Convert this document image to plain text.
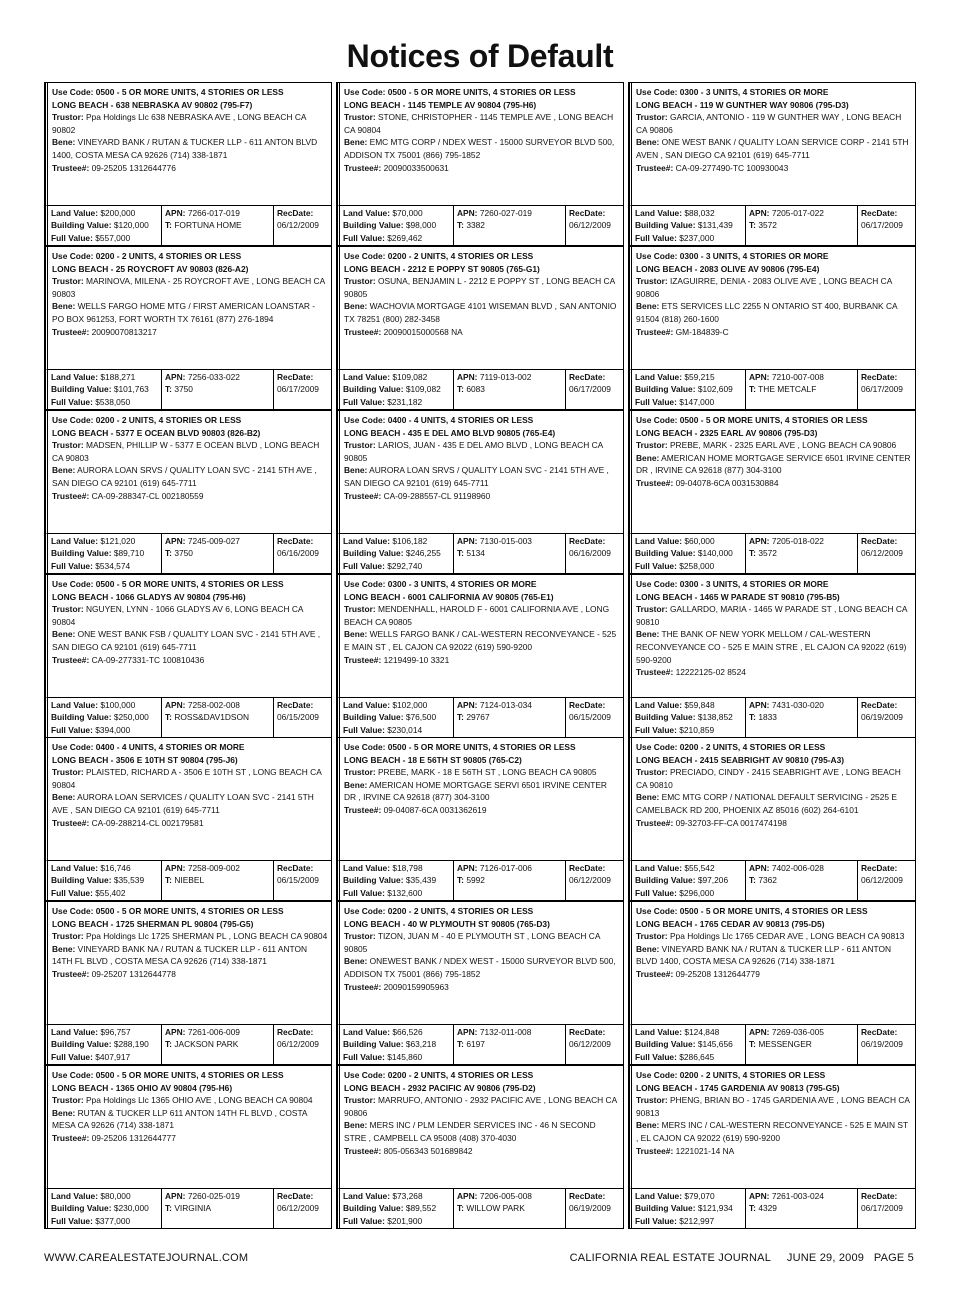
Notices of Default
Use Code: 0500 - 5 OR MORE UNITS, 4 STORIES OR LESS
LONG BEACH - 638 NEBRASKA AV 90802 (795-F7)
Trustor: Ppa Holdings Llc 638 NEBRASKA AVE , LONG BEACH CA 90802
Bene: VINEYARD BANK / RUTAN & TUCKER LLP - 611 ANTON BLVD 1400, COSTA MESA CA 92626 (714) 338-1871
Trustee#: 09-25205 1312644776
Land Value: $200,000
Building Value: $120,000
Full Value: $557,000
APN: 7266-017-019
T: FORTUNA HOME
RecDate:
06/12/2009
Use Code: 0500 - 5 OR MORE UNITS, 4 STORIES OR LESS
LONG BEACH - 1145 TEMPLE AV 90804 (795-H6)
Trustor: STONE, CHRISTOPHER - 1145 TEMPLE AVE , LONG BEACH CA 90804
Bene: EMC MTG CORP / NDEX WEST - 15000 SURVEYOR BLVD 500, ADDISON TX 75001 (866) 795-1852
Trustee#: 20090033500631
Land Value: $70,000
Building Value: $98,000
Full Value: $269,462
APN: 7260-027-019
T: 3382
RecDate:
06/12/2009
Use Code: 0300 - 3 UNITS, 4 STORIES OR MORE
LONG BEACH - 119 W GUNTHER WAY 90806 (795-D3)
Trustor: GARCIA, ANTONIO - 119 W GUNTHER WAY , LONG BEACH CA 90806
Bene: ONE WEST BANK / QUALITY LOAN SERVICE CORP - 2141 5TH AVEN , SAN DIEGO CA 92101 (619) 645-7711
Trustee#: CA-09-277490-TC 100930043
Land Value: $88,032
Building Value: $131,439
Full Value: $237,000
APN: 7205-017-022
T: 3572
RecDate:
06/17/2009
Use Code: 0200 - 2 UNITS, 4 STORIES OR LESS
LONG BEACH - 25 ROYCROFT AV 90803 (826-A2)
Trustor: MARINOVA, MILENA - 25 ROYCROFT AVE , LONG BEACH CA 90803
Bene: WELLS FARGO HOME MTG / FIRST AMERICAN LOANSTAR - PO BOX 961253, FORT WORTH TX 76161 (877) 276-1894
Trustee#: 20090070813217
Land Value: $188,271
Building Value: $101,763
Full Value: $538,050
APN: 7256-033-022
T: 3750
RecDate:
06/17/2009
Use Code: 0200 - 2 UNITS, 4 STORIES OR LESS
LONG BEACH - 2212 E POPPY ST 90805 (765-G1)
Trustor: OSUNA, BENJAMIN L - 2212 E POPPY ST , LONG BEACH CA 90805
Bene: WACHOVIA MORTGAGE 4101 WISEMAN BLVD , SAN ANTONIO TX 78251 (800) 282-3458
Trustee#: 20090015000568 NA
Land Value: $109,082
Building Value: $109,082
Full Value: $231,182
APN: 7119-013-002
T: 6083
RecDate:
06/17/2009
Use Code: 0300 - 3 UNITS, 4 STORIES OR MORE
LONG BEACH - 2083 OLIVE AV 90806 (795-E4)
Trustor: IZAGUIRRE, DENIA - 2083 OLIVE AVE , LONG BEACH CA 90806
Bene: ETS SERVICES LLC 2255 N ONTARIO ST 400, BURBANK CA 91504 (818) 260-1600
Trustee#: GM-184839-C
Land Value: $59,215
Building Value: $102,609
Full Value: $147,000
APN: 7210-007-008
T: THE METCALF
RecDate:
06/17/2009
Use Code: 0200 - 2 UNITS, 4 STORIES OR LESS
LONG BEACH - 5377 E OCEAN BLVD 90803 (826-B2)
Trustor: MADSEN, PHILLIP W - 5377 E OCEAN BLVD , LONG BEACH CA 90803
Bene: AURORA LOAN SRVS / QUALITY LOAN SVC - 2141 5TH AVE , SAN DIEGO CA 92101 (619) 645-7711
Trustee#: CA-09-288347-CL 002180559
Land Value: $121,020
Building Value: $89,710
Full Value: $534,574
APN: 7245-009-027
T: 3750
RecDate:
06/16/2009
Use Code: 0400 - 4 UNITS, 4 STORIES OR LESS
LONG BEACH - 435 E DEL AMO BLVD 90805 (765-E4)
Trustor: LARIOS, JUAN - 435 E DEL AMO BLVD , LONG BEACH CA 90805
Bene: AURORA LOAN SRVS / QUALITY LOAN SVC - 2141 5TH AVE , SAN DIEGO CA 92101 (619) 645-7711
Trustee#: CA-09-288557-CL 91198960
Land Value: $106,182
Building Value: $246,255
Full Value: $292,740
APN: 7130-015-003
T: 5134
RecDate:
06/16/2009
Use Code: 0500 - 5 OR MORE UNITS, 4 STORIES OR LESS
LONG BEACH - 2325 EARL AV 90806 (795-D3)
Trustor: PREBE, MARK - 2325 EARL AVE , LONG BEACH CA 90806
Bene: AMERICAN HOME MORTGAGE SERVICE 6501 IRVINE CENTER DR , IRVINE CA 92618 (877) 304-3100
Trustee#: 09-04078-6CA 0031530884
Land Value: $60,000
Building Value: $140,000
Full Value: $258,000
APN: 7205-018-022
T: 3572
RecDate:
06/12/2009
Use Code: 0500 - 5 OR MORE UNITS, 4 STORIES OR LESS
LONG BEACH - 1066 GLADYS AV 90804 (795-H6)
Trustor: NGUYEN, LYNN - 1066 GLADYS AV 6, LONG BEACH CA 90804
Bene: ONE WEST BANK FSB / QUALITY LOAN SVC - 2141 5TH AVE , SAN DIEGO CA 92101 (619) 645-7711
Trustee#: CA-09-277331-TC 100810436
Land Value: $100,000
Building Value: $250,000
Full Value: $394,000
APN: 7258-002-008
T: ROSS&DAV1DSON
RecDate:
06/15/2009
Use Code: 0300 - 3 UNITS, 4 STORIES OR MORE
LONG BEACH - 6001 CALIFORNIA AV 90805 (765-E1)
Trustor: MENDENHALL, HAROLD F - 6001 CALIFORNIA AVE , LONG BEACH CA 90805
Bene: WELLS FARGO BANK / CAL-WESTERN RECONVEYANCE - 525 E MAIN ST , EL CAJON CA 92022 (619) 590-9200
Trustee#: 1219499-10 3321
Land Value: $102,000
Building Value: $76,500
Full Value: $230,014
APN: 7124-013-034
T: 29767
RecDate:
06/15/2009
Use Code: 0300 - 3 UNITS, 4 STORIES OR MORE
LONG BEACH - 1465 W PARADE ST 90810 (795-B5)
Trustor: GALLARDO, MARIA - 1465 W PARADE ST , LONG BEACH CA 90810
Bene: THE BANK OF NEW YORK MELLOM / CAL-WESTERN RECONVEYANCE CO - 525 E MAIN STRE , EL CAJON CA 92022 (619) 590-9200
Trustee#: 12222125-02 8524
Land Value: $59,848
Building Value: $138,852
Full Value: $210,859
APN: 7431-030-020
T: 1833
RecDate:
06/19/2009
Use Code: 0400 - 4 UNITS, 4 STORIES OR MORE
LONG BEACH - 3506 E 10TH ST 90804 (795-J6)
Trustor: PLAISTED, RICHARD A - 3506 E 10TH ST , LONG BEACH CA 90804
Bene: AURORA LOAN SERVICES / QUALITY LOAN SVC - 2141 5TH AVE , SAN DIEGO CA 92101 (619) 645-7711
Trustee#: CA-09-288214-CL 002179581
Land Value: $16,746
Building Value: $35,539
Full Value: $55,402
APN: 7258-009-002
T: NIEBEL
RecDate:
06/15/2009
Use Code: 0500 - 5 OR MORE UNITS, 4 STORIES OR LESS
LONG BEACH - 18 E 56TH ST 90805 (765-C2)
Trustor: PREBE, MARK - 18 E 56TH ST , LONG BEACH CA 90805
Bene: AMERICAN HOME MORTGAGE SERVI 6501 IRVINE CENTER DR , IRVINE CA 92618 (877) 304-3100
Trustee#: 09-04087-6CA 0031362619
Land Value: $18,798
Building Value: $35,439
Full Value: $132,600
APN: 7126-017-006
T: 5992
RecDate:
06/12/2009
Use Code: 0200 - 2 UNITS, 4 STORIES OR LESS
LONG BEACH - 2415 SEABRIGHT AV 90810 (795-A3)
Trustor: PRECIADO, CINDY - 2415 SEABRIGHT AVE , LONG BEACH CA 90810
Bene: EMC MTG CORP / NATIONAL DEFAULT SERVICING - 2525 E CAMELBACK RD 200, PHOENIX AZ 85016 (602) 264-6101
Trustee#: 09-32703-FF-CA 0017474198
Land Value: $55,542
Building Value: $97,206
Full Value: $296,000
APN: 7402-006-028
T: 7362
RecDate:
06/12/2009
Use Code: 0500 - 5 OR MORE UNITS, 4 STORIES OR LESS
LONG BEACH - 1725 SHERMAN PL 90804 (795-G5)
Trustor: Ppa Holdings Llc 1725 SHERMAN PL , LONG BEACH CA 90804
Bene: VINEYARD BANK NA / RUTAN & TUCKER LLP - 611 ANTON 14TH FL BLVD , COSTA MESA CA 92626 (714) 338-1871
Trustee#: 09-25207 1312644778
Land Value: $96,757
Building Value: $288,190
Full Value: $407,917
APN: 7261-006-009
T: JACKSON PARK
RecDate:
06/12/2009
Use Code: 0200 - 2 UNITS, 4 STORIES OR LESS
LONG BEACH - 40 W PLYMOUTH ST 90805 (765-D3)
Trustor: TIZON, JUAN M - 40 E PLYMOUTH ST , LONG BEACH CA 90805
Bene: ONEWEST BANK / NDEX WEST - 15000 SURVEYOR BLVD 500, ADDISON TX 75001 (866) 795-1852
Trustee#: 20090159905963
Land Value: $66,526
Building Value: $63,218
Full Value: $145,860
APN: 7132-011-008
T: 6197
RecDate:
06/12/2009
Use Code: 0500 - 5 OR MORE UNITS, 4 STORIES OR LESS
LONG BEACH - 1765 CEDAR AV 90813 (795-D5)
Trustor: Ppa Holdings Llc 1765 CEDAR AVE , LONG BEACH CA 90813
Bene: VINEYARD BANK NA / RUTAN & TUCKER LLP - 611 ANTON BLVD 1400, COSTA MESA CA 92626 (714) 338-1871
Trustee#: 09-25208 1312644779
Land Value: $124,848
Building Value: $145,656
Full Value: $286,645
APN: 7269-036-005
T: MESSENGER
RecDate:
06/19/2009
Use Code: 0500 - 5 OR MORE UNITS, 4 STORIES OR LESS
LONG BEACH - 1365 OHIO AV 90804 (795-H6)
Trustor: Ppa Holdings Llc 1365 OHIO AVE , LONG BEACH CA 90804
Bene: RUTAN & TUCKER LLP 611 ANTON 14TH FL BLVD , COSTA MESA CA 92626 (714) 338-1871
Trustee#: 09-25206 1312644777
Land Value: $80,000
Building Value: $230,000
Full Value: $377,000
APN: 7260-025-019
T: VIRGINIA
RecDate:
06/12/2009
Use Code: 0200 - 2 UNITS, 4 STORIES OR LESS
LONG BEACH - 2932 PACIFIC AV 90806 (795-D2)
Trustor: MARRUFO, ANTONIO - 2932 PACIFIC AVE , LONG BEACH CA 90806
Bene: MERS INC / PLM LENDER SERVICES INC - 46 N SECOND STRE , CAMPBELL CA 95008 (408) 370-4030
Trustee#: 805-056343 501689842
Land Value: $73,268
Building Value: $89,552
Full Value: $201,900
APN: 7206-005-008
T: WILLOW PARK
RecDate:
06/19/2009
Use Code: 0200 - 2 UNITS, 4 STORIES OR LESS
LONG BEACH - 1745 GARDENIA AV 90813 (795-G5)
Trustor: PHENG, BRIAN BO - 1745 GARDENIA AVE , LONG BEACH CA 90813
Bene: MERS INC / CAL-WESTERN RECONVEYANCE - 525 E MAIN ST , EL CAJON CA 92022 (619) 590-9200
Trustee#: 1221021-14 NA
Land Value: $79,070
Building Value: $121,934
Full Value: $212,997
APN: 7261-003-024
T: 4329
RecDate:
06/17/2009
WWW.CAREALESTATEJOURNAL.COM	CALIFORNIA REAL ESTATE JOURNAL     JUNE 29, 2009   PAGE 5
